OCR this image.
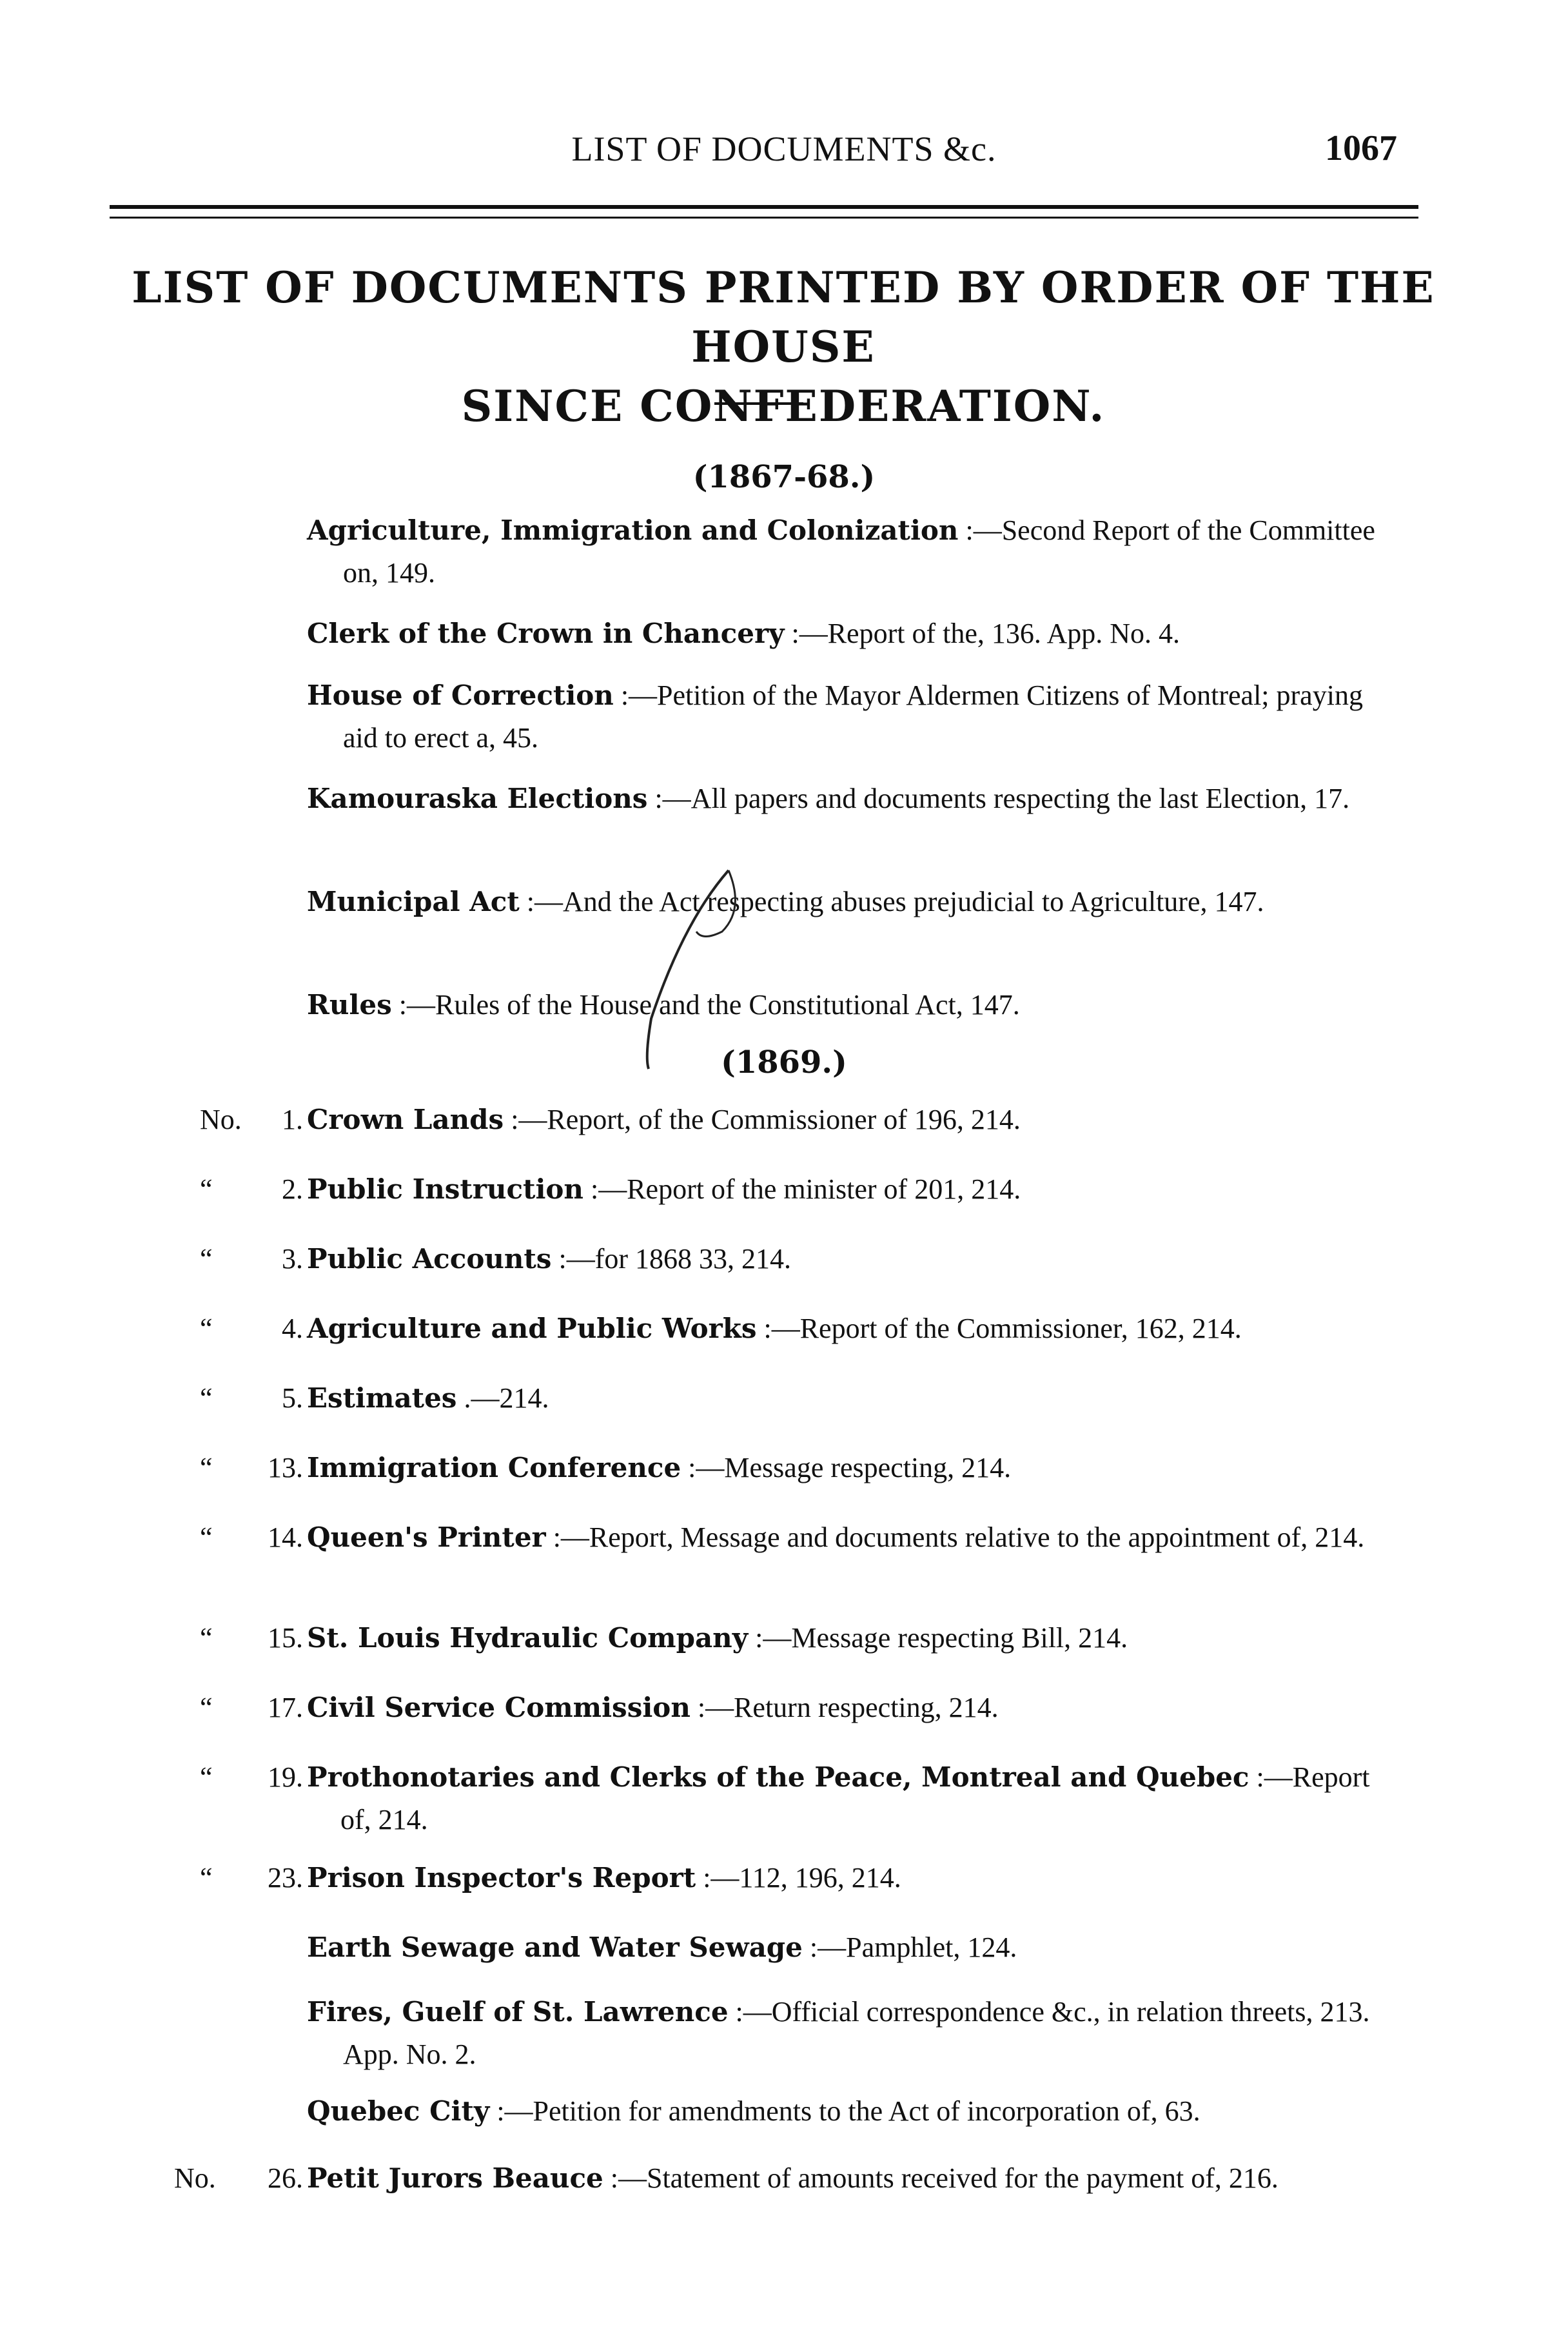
LIST OF DOCUMENTS &c.	1067
LIST OF DOCUMENTS PRINTED BY ORDER OF THE HOUSE
SINCE CONFEDERATION.
(1867-68.)
Agriculture, Immigration and Colonization :—Second Report of the Committee on, 149.
Clerk of the Crown in Chancery :—Report of the, 136. App. No. 4.
House of Correction :—Petition of the Mayor Aldermen Citizens of Montreal; praying aid to erect a, 45.
Kamouraska Elections :—All papers and documents respecting the last Election, 17.
Municipal Act :—And the Act respecting abuses prejudicial to Agriculture, 147.
Rules :—Rules of the House and the Constitutional Act, 147.
(1869.)
No. 1. Crown Lands :—Report, of the Commissioner of 196, 214.
“ 2. Public Instruction :—Report of the minister of 201, 214.
“ 3. Public Accounts :—for 1868 33, 214.
“ 4. Agriculture and Public Works :—Report of the Commissioner, 162, 214.
“ 5. Estimates .—214.
“ 13. Immigration Conference :—Message respecting, 214.
“ 14. Queen's Printer :—Report, Message and documents relative to the appointment of, 214.
“ 15. St. Louis Hydraulic Company :—Message respecting Bill, 214.
“ 17. Civil Service Commission :—Return respecting, 214.
“ 19. Prothonotaries and Clerks of the Peace, Montreal and Quebec :—Report of, 214.
“ 23. Prison Inspector's Report :—112, 196, 214.
Earth Sewage and Water Sewage :—Pamphlet, 124.
Fires, Guelf of St. Lawrence :—Official correspondence &c., in relation threets, 213. App. No. 2.
Quebec City :—Petition for amendments to the Act of incorporation of, 63.
No. 26. Petit Jurors Beauce :—Statement of amounts received for the payment of, 216.
